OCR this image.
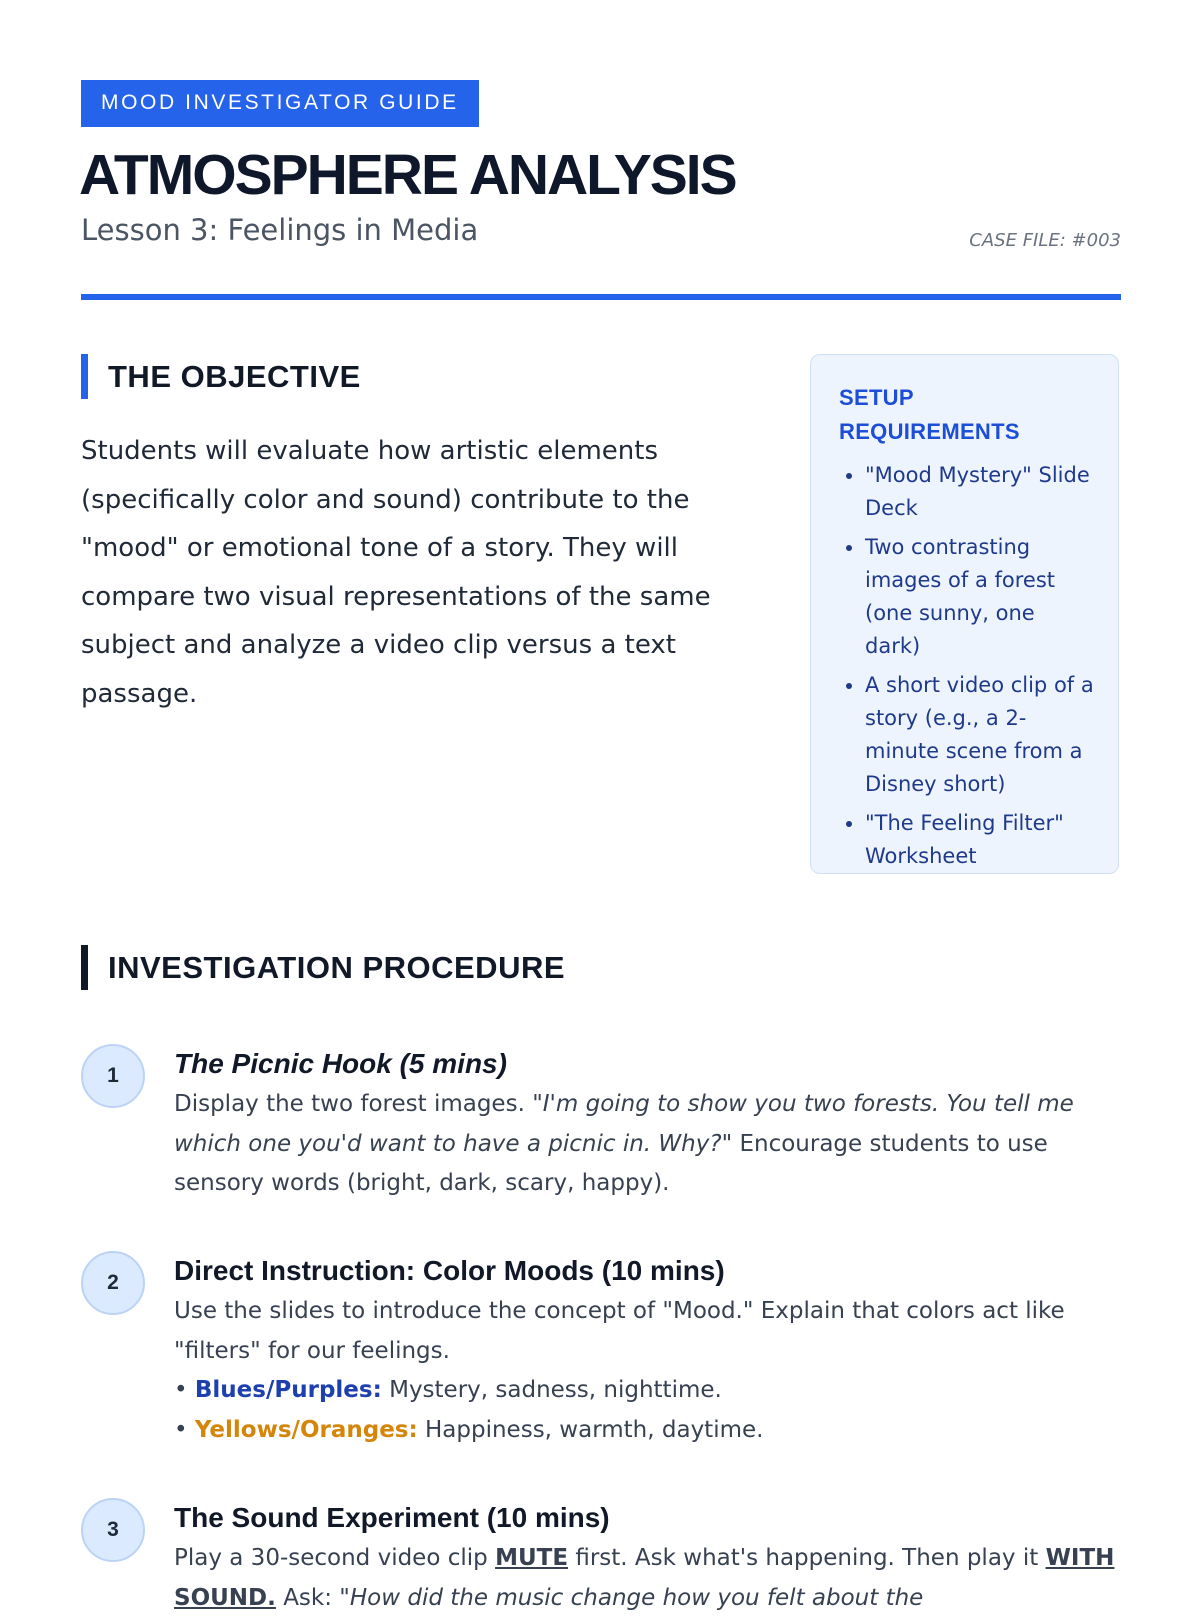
MOOD INVESTIGATOR GUIDE
ATMOSPHERE ANALYSIS
Lesson 3: Feelings in Media	CASE FILE: #003
THE OBJECTIVE

Students will evaluate how artistic elements (specifically color and sound) contribute to the "mood" or emotional tone of a story. They will compare two visual representations of the same subject and analyze a video clip versus a text passage.

SETUP REQUIREMENTS
• "Mood Mystery" Slide Deck
• Two contrasting images of a forest (one sunny, one dark)
• A short video clip of a story (e.g., a 2-minute scene from a Disney short)
• "The Feeling Filter" Worksheet
INVESTIGATION PROCEDURE
1	The Picnic Hook (5 mins)
Display the two forest images. "I'm going to show you two forests. You tell me which one you'd want to have a picnic in. Why?" Encourage students to use sensory words (bright, dark, scary, happy).
2	Direct Instruction: Color Moods (10 mins)
Use the slides to introduce the concept of "Mood." Explain that colors act like "filters" for our feelings.
• Blues/Purples: Mystery, sadness, nighttime.
• Yellows/Oranges: Happiness, warmth, daytime.
3	The Sound Experiment (10 mins)
Play a 30-second video clip MUTE first. Ask what's happening. Then play it WITH SOUND. Ask: "How did the music change how you felt about the
